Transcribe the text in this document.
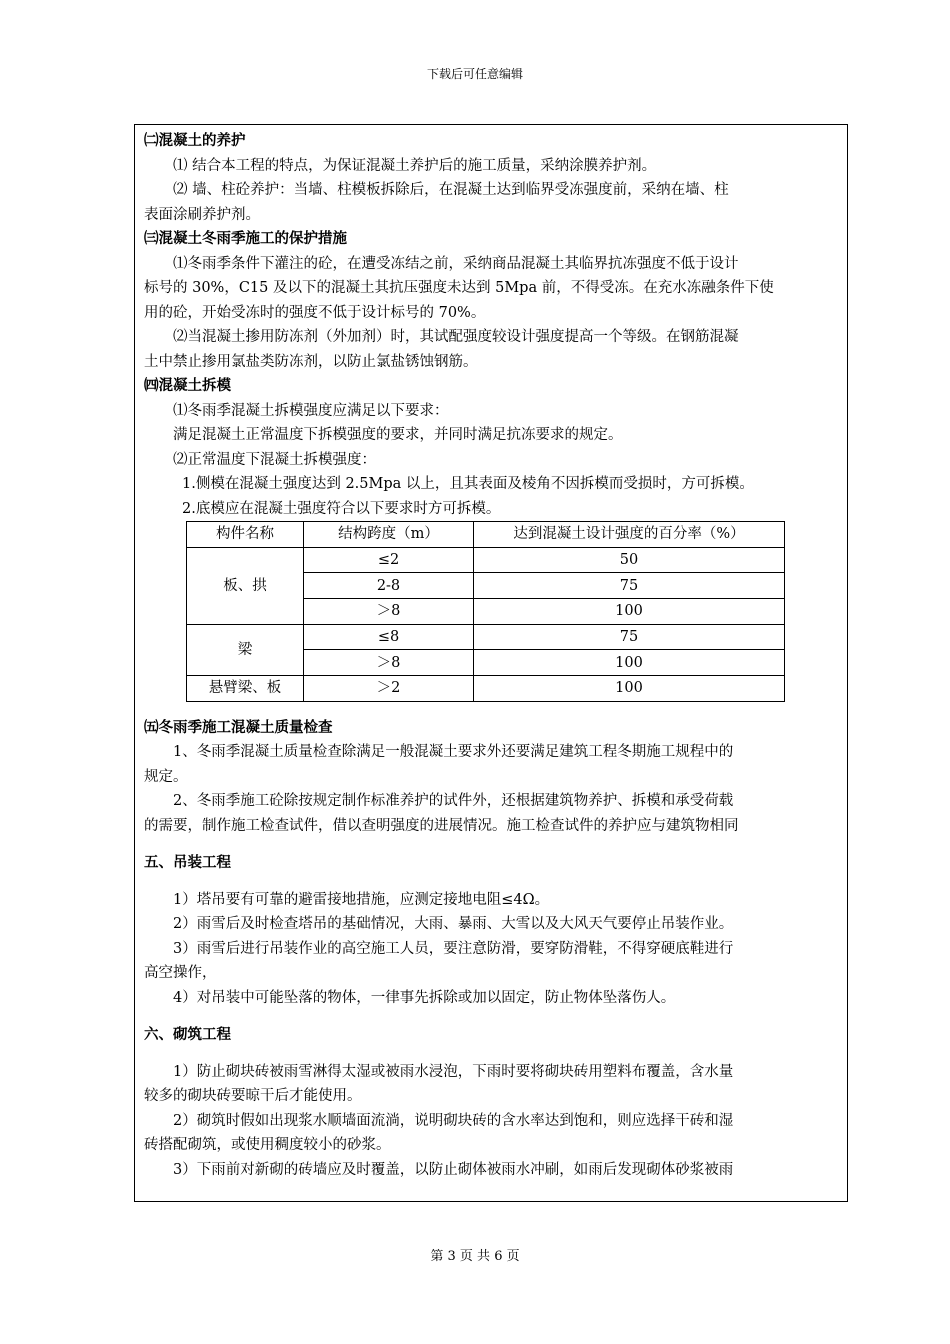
下载后可任意编辑
㈡混凝土的养护
⑴ 结合本工程的特点，为保证混凝土养护后的施工质量，采纳涂膜养护剂。
⑵ 墙、柱砼养护：当墙、柱模板拆除后，在混凝土达到临界受冻强度前，采纳在墙、柱
表面涂刷养护剂。
㈢混凝土冬雨季施工的保护措施
⑴冬雨季条件下灌注的砼，在遭受冻结之前，采纳商品混凝土其临界抗冻强度不低于设计
标号的 30%，C15 及以下的混凝土其抗压强度未达到 5Mpa 前，不得受冻。在充水冻融条件下使
用的砼，开始受冻时的强度不低于设计标号的 70%。
⑵当混凝土掺用防冻剂（外加剂）时，其试配强度较设计强度提高一个等级。在钢筋混凝
土中禁止掺用氯盐类防冻剂，以防止氯盐锈蚀钢筋。
㈣混凝土拆模
⑴冬雨季混凝土拆模强度应满足以下要求：
满足混凝土正常温度下拆模强度的要求，并同时满足抗冻要求的规定。
⑵正常温度下混凝土拆模强度：
1.侧模在混凝土强度达到 2.5Mpa 以上，且其表面及棱角不因拆模而受损时，方可拆模。
2.底模应在混凝土强度符合以下要求时方可拆模。
构件名称	结构跨度（m）	达到混凝土设计强度的百分率（%）
板、拱	≤2	50
	2-8	75
	＞8	100
梁	≤8	75
	＞8	100
悬臂梁、板	＞2	100
㈤冬雨季施工混凝土质量检查
1、冬雨季混凝土质量检查除满足一般混凝土要求外还要满足建筑工程冬期施工规程中的
规定。
2、冬雨季施工砼除按规定制作标准养护的试件外，还根据建筑物养护、拆模和承受荷载
的需要，制作施工检查试件，借以查明强度的进展情况。施工检查试件的养护应与建筑物相同
五、吊装工程
1）塔吊要有可靠的避雷接地措施，应测定接地电阻≤4Ω。
2）雨雪后及时检查塔吊的基础情况，大雨、暴雨、大雪以及大风天气要停止吊装作业。
3）雨雪后进行吊装作业的高空施工人员，要注意防滑，要穿防滑鞋，不得穿硬底鞋进行
高空操作，
4）对吊装中可能坠落的物体，一律事先拆除或加以固定，防止物体坠落伤人。
六、砌筑工程
1）防止砌块砖被雨雪淋得太湿或被雨水浸泡，下雨时要将砌块砖用塑料布覆盖，含水量
较多的砌块砖要晾干后才能使用。
2）砌筑时假如出现浆水顺墙面流淌，说明砌块砖的含水率达到饱和，则应选择干砖和湿
砖搭配砌筑，或使用稠度较小的砂浆。
3）下雨前对新砌的砖墙应及时覆盖，以防止砌体被雨水冲刷，如雨后发现砌体砂浆被雨
第 3 页 共 6 页
